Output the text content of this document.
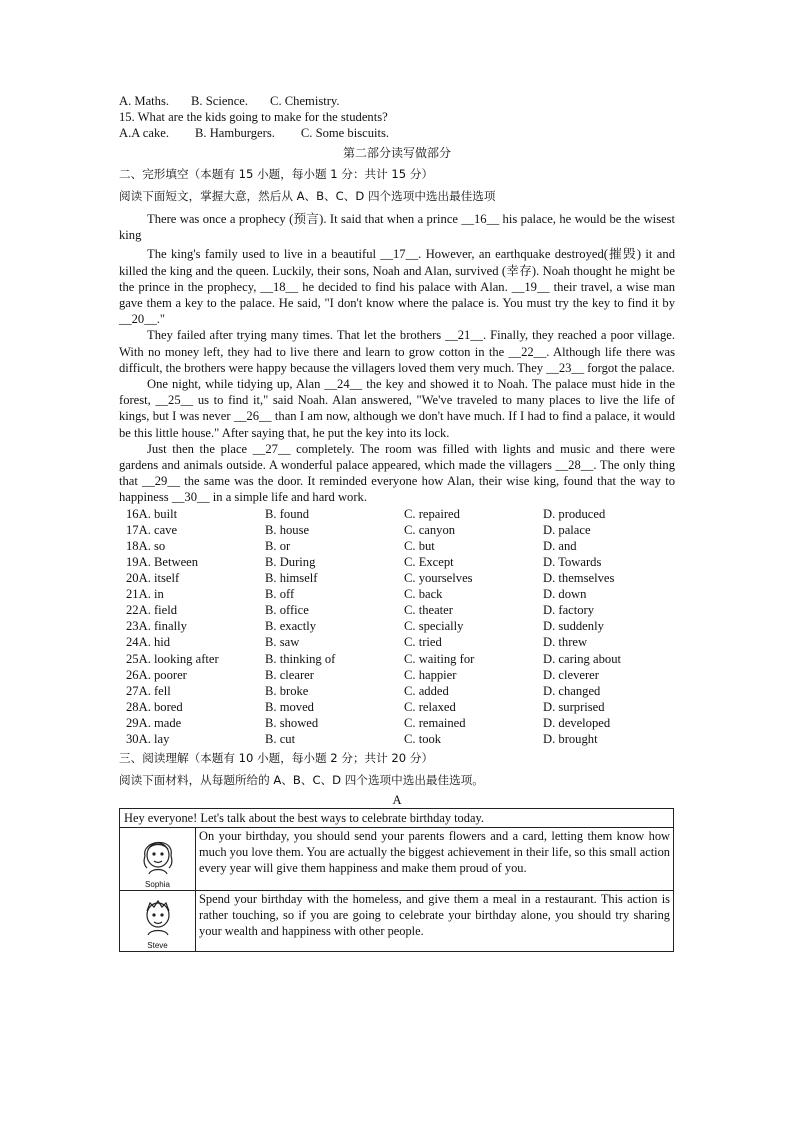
A. Maths. B. Science. C. Chemistry.
15. What are the kids going to make for the students?
A.A cake. B. Hamburgers. C. Some biscuits.
第二部分读写做部分
二、完形填空（本题有 15 小题，每小题 1 分：共计 15 分）
阅读下面短文，掌握大意，然后从 A、B、C、D 四个选项中选出最佳选项

There was once a prophecy (预言). It said that when a prince __16__ his palace, he would be the wisest king

The king's family used to live in a beautiful __17__. However, an earthquake destroyed(摧毁) it and killed the king and the queen. Luckily, their sons, Noah and Alan, survived (幸存). Noah thought he might be the prince in the prophecy, __18__ he decided to find his palace with Alan. __19__ their travel, a wise man gave them a key to the palace. He said, "I don't know where the palace is. You must try the key to find it by __20__."

They failed after trying many times. That let the brothers __21__. Finally, they reached a poor village. With no money left, they had to live there and learn to grow cotton in the __22__. Although life there was difficult, the brothers were happy because the villagers loved them very much. They __23__ forgot the palace.

One night, while tidying up, Alan __24__ the key and showed it to Noah. The palace must hide in the forest, __25__ us to find it," said Noah. Alan answered, "We've traveled to many places to live the life of kings, but I was never __26__ than I am now, although we don't have much. If I had to find a palace, it would be this little house." After saying that, he put the key into its lock.

Just then the place __27__ completely. The room was filled with lights and music and there were gardens and animals outside. A wonderful palace appeared, which made the villagers __28__. The only thing that __29__ the same was the door. It reminded everyone how Alan, their wise king, found that the way to happiness __30__ in a simple life and hard work.

16A. built	B. found	C. repaired	D. produced
17A. cave	B. house	C. canyon	D. palace
18A. so	B. or	C. but	D. and
19A. Between	B. During	C. Except	D. Towards
20A. itself	B. himself	C. yourselves	D. themselves
21A. in	B. off	C. back	D. down
22A. field	B. office	C. theater	D. factory
23A. finally	B. exactly	C. specially	D. suddenly
24A. hid	B. saw	C. tried	D. threw
25A. looking after	B. thinking of	C. waiting for	D. caring about
26A. poorer	B. clearer	C. happier	D. cleverer
27A. fell	B. broke	C. added	D. changed
28A. bored	B. moved	C. relaxed	D. surprised
29A. made	B. showed	C. remained	D. developed
30A. lay	B. cut	C. took	D. brought
三、阅读理解（本题有 10 小题，每小题 2 分；共计 20 分）
阅读下面材料，从每题所给的 A、B、C、D 四个选项中选出最佳选项。
A
Hey everyone! Let's talk about the best ways to celebrate birthday today.	

Sophia	On your birthday, you should send your parents flowers and a card, letting them know how much you love them. You are actually the biggest achievement in their life, so this small action every year will give them happiness and make them proud of you.

Steve	Spend your birthday with the homeless, and give them a meal in a restaurant. This action is rather touching, so if you are going to celebrate your birthday alone, you should try sharing your wealth and happiness with other people.
